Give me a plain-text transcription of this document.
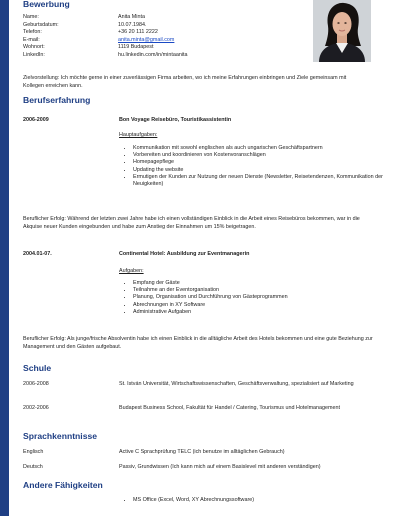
Bewerbung
Name:	Anita Minta
Geburtsdatum:	10.07.1984.
Telefon:	+36 20 111 2222
E-mail:	anita.minta@gmail.com
Wohnort:	1119 Budapest
LinkedIn:	hu.linkedin.com/in/mintaanita
Zielvorstellung: Ich möchte gerne in einer zuverlässigen Firma arbeiten, wo ich meine Erfahrungen einbringen und Ziele gemeinsam mit Kollegen erreichen kann.
Berufserfahrung
2006-2009	Bon Voyage Reisebüro, Touristikassistentin
Hauptaufgaben:
• Kommunikation mit sowohl englischen als auch ungarischen Geschäftspartnern
• Vorbereiten und koordinieren von Kostenvoranschlägen
• Homepagepflege
• Updating the website
• Ermutigen der Kunden zur Nutzung der neuen Dienste (Newsletter, Reisetendenzen, Kommunikation der Neuigkeiten)
Beruflicher Erfolg: Während der letzten zwei Jahre habe ich einen vollständigen Einblick in die Arbeit eines Reisebüros bekommen, war in die Akquise neuer Kunden eingebunden und habe zum Anstieg der Einnahmen um 15% beigetragen.
2004.01-07.	Continental Hotel: Ausbildung zur Eventmanagerin
Aufgaben:
• Empfang der Gäste
• Teilnahme an der Eventorganisation
• Planung, Organisation und Durchführung von Gästeprogrammen
• Abrechnungen in XY Software
• Administrative Aufgaben
Beruflicher Erfolg: Als junge/frische Absolventin habe ich einen Einblick in die alltägliche Arbeit des Hotels bekommen und eine gute Beziehung zur Management und den Gästen aufgebaut.
Schule
2006-2008	St. István Universität, Wirtschaftswissenschaften, Geschäftsverwaltung, spezialisiert auf Marketing
2002-2006	Budapest Business School, Fakultät für Handel / Catering, Tourismus und Hotelmanagement
Sprachkenntnisse
Englisch	Active C Sprachprüfung TELC (ich benutze im alltäglichen Gebrauch)
Deutsch	Passiv, Grundwissen (Ich kann mich auf einem Basislevel mit anderen verständigen)
Andere Fähigkeiten
• MS Office (Excel, Word, XY Abrechnungssoftware)
